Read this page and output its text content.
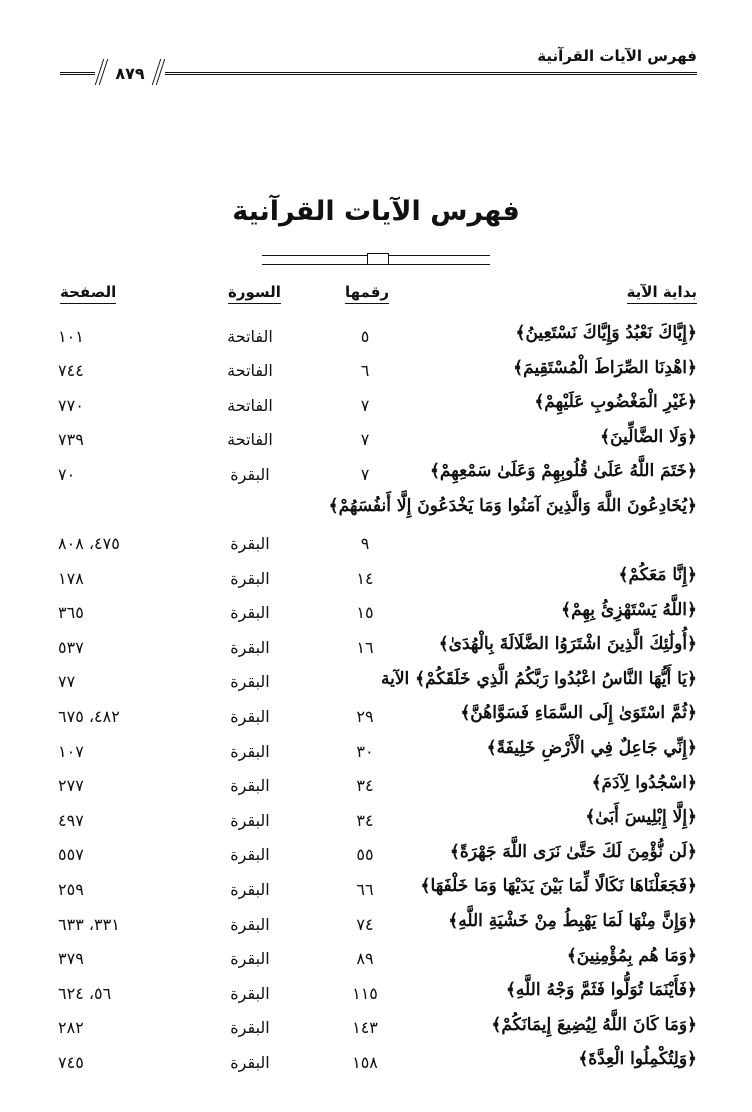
فهرس الآيات القرآنية
٨٧٩
فهرس الآيات القرآنية
بداية الآية
رقمها
السورة
الصفحة
﴿إِيَّاكَ نَعْبُدُ وَإِيَّاكَ نَسْتَعِينُ﴾
٥
الفاتحة
١٠١
﴿اهْدِنَا الصِّرَاطَ الْمُسْتَقِيمَ﴾
٦
الفاتحة
٧٤٤
﴿غَيْرِ الْمَغْضُوبِ عَلَيْهِمْ﴾
٧
الفاتحة
٧٧٠
﴿وَلَا الضَّالِّينَ﴾
٧
الفاتحة
٧٣٩
﴿خَتَمَ اللَّهُ عَلَىٰ قُلُوبِهِمْ وَعَلَىٰ سَمْعِهِمْ﴾
٧
البقرة
٧٠
﴿يُخَادِعُونَ اللَّهَ وَالَّذِينَ آمَنُوا وَمَا يَخْدَعُونَ إِلَّا أَنفُسَهُمْ﴾
٩
البقرة
٤٧٥، ٨٠٨
﴿إِنَّا مَعَكُمْ﴾
١٤
البقرة
١٧٨
﴿اللَّهُ يَسْتَهْزِئُ بِهِمْ﴾
١٥
البقرة
٣٦٥
﴿أُولَٰئِكَ الَّذِينَ اشْتَرَوُا الضَّلَالَةَ بِالْهُدَىٰ﴾
١٦
البقرة
٥٣٧
﴿يَا أَيُّهَا النَّاسُ اعْبُدُوا رَبَّكُمُ الَّذِي خَلَقَكُمْ﴾ الآية
البقرة
٧٧
﴿ثُمَّ اسْتَوَىٰ إِلَى السَّمَاءِ فَسَوَّاهُنَّ﴾
٢٩
البقرة
٤٨٢، ٦٧٥
﴿إِنِّي جَاعِلٌ فِي الْأَرْضِ خَلِيفَةً﴾
٣٠
البقرة
١٠٧
﴿اسْجُدُوا لِآدَمَ﴾
٣٤
البقرة
٢٧٧
﴿إِلَّا إِبْلِيسَ أَبَىٰ﴾
٣٤
البقرة
٤٩٧
﴿لَن نُّؤْمِنَ لَكَ حَتَّىٰ نَرَى اللَّهَ جَهْرَةً﴾
٥٥
البقرة
٥٥٧
﴿فَجَعَلْنَاهَا نَكَالًا لِّمَا بَيْنَ يَدَيْهَا وَمَا خَلْفَهَا﴾
٦٦
البقرة
٢٥٩
﴿وَإِنَّ مِنْهَا لَمَا يَهْبِطُ مِنْ خَشْيَةِ اللَّهِ﴾
٧٤
البقرة
٣٣١، ٦٣٣
﴿وَمَا هُم بِمُؤْمِنِينَ﴾
٨٩
البقرة
٣٧٩
﴿فَأَيْنَمَا تُوَلُّوا فَثَمَّ وَجْهُ اللَّهِ﴾
١١٥
البقرة
٥٦، ٦٢٤
﴿وَمَا كَانَ اللَّهُ لِيُضِيعَ إِيمَانَكُمْ﴾
١٤٣
البقرة
٢٨٢
﴿وَلِتُكْمِلُوا الْعِدَّةَ﴾
١٥٨
البقرة
٧٤٥
